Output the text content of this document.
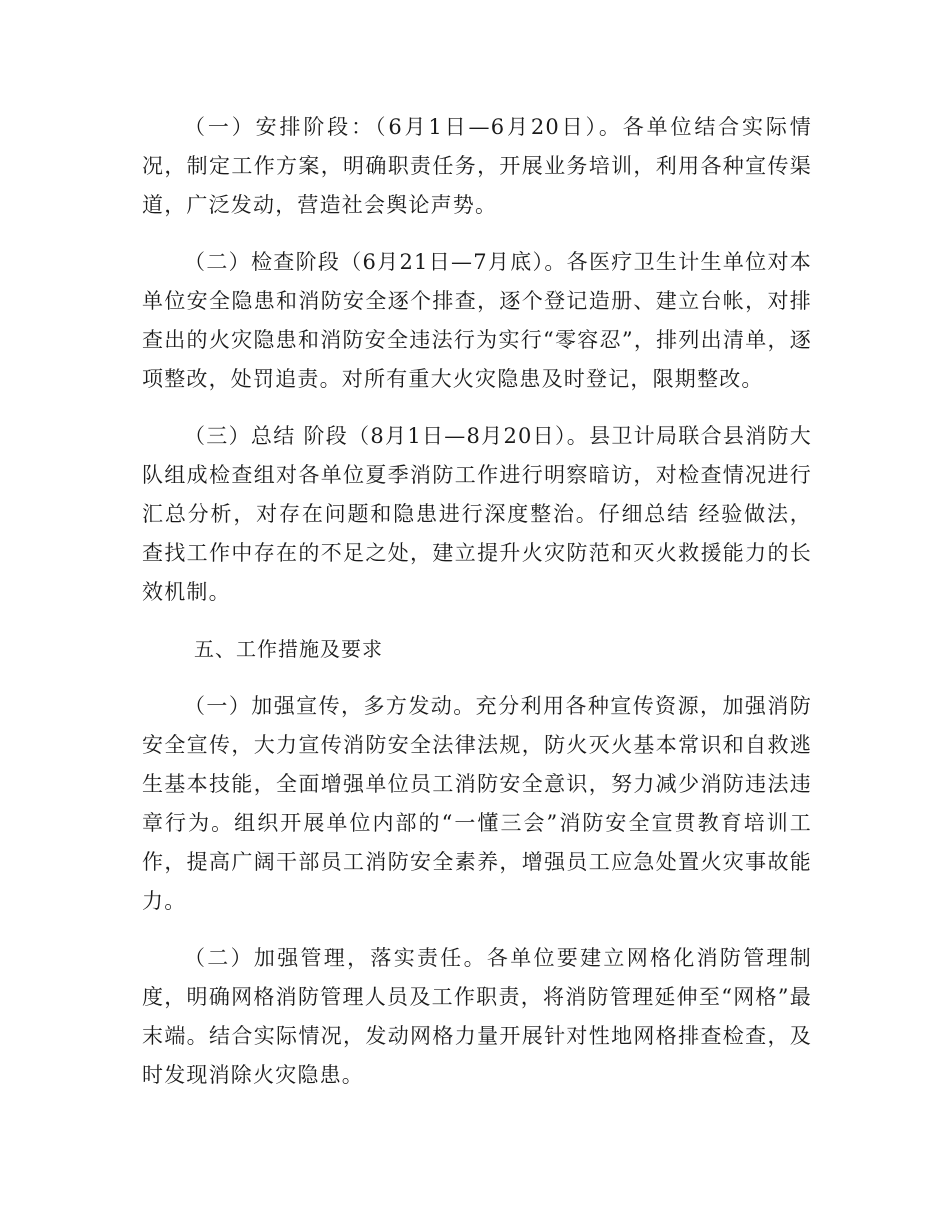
（一）安排阶段：（6月1日—6月20日）。各单位结合实际情况，制定工作方案，明确职责任务，开展业务培训，利用各种宣传渠道，广泛发动，营造社会舆论声势。

（二）检查阶段（6月21日—7月底）。各医疗卫生计生单位对本单位安全隐患和消防安全逐个排查，逐个登记造册、建立台帐，对排查出的火灾隐患和消防安全违法行为实行“零容忍”，排列出清单，逐项整改，处罚追责。对所有重大火灾隐患及时登记，限期整改。

（三）总结 阶段（8月1日—8月20日）。县卫计局联合县消防大队组成检查组对各单位夏季消防工作进行明察暗访，对检查情况进行汇总分析，对存在问题和隐患进行深度整治。仔细总结 经验做法，查找工作中存在的不足之处，建立提升火灾防范和灭火救援能力的长效机制。

五、工作措施及要求

（一）加强宣传，多方发动。充分利用各种宣传资源，加强消防安全宣传，大力宣传消防安全法律法规，防火灭火基本常识和自救逃生基本技能，全面增强单位员工消防安全意识，努力减少消防违法违章行为。组织开展单位内部的“一懂三会”消防安全宣贯教育培训工作，提高广阔干部员工消防安全素养，增强员工应急处置火灾事故能力。

（二）加强管理，落实责任。各单位要建立网格化消防管理制度，明确网格消防管理人员及工作职责，将消防管理延伸至“网格”最末端。结合实际情况，发动网格力量开展针对性地网格排查检查，及时发现消除火灾隐患。
